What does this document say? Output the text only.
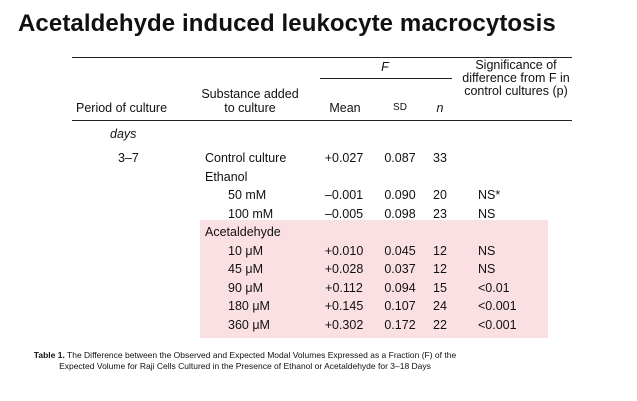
Acetaldehyde induced leukocyte macrocytosis
Period of culture
Substance added to culture
F
Mean	SD	n
Significance of difference from F in control cultures (p)
days
3–7	Control culture	+0.027	0.087	33
Ethanol
50 mM	–0.001	0.090	20	NS*
100 mM	–0.005	0.098	23	NS
Acetaldehyde
10 μM	+0.010	0.045	12	NS
45 μM	+0.028	0.037	12	NS
90 μM	+0.112	0.094	15	<0.01
180 μM	+0.145	0.107	24	<0.001
360 μM	+0.302	0.172	22	<0.001
Table 1. The Difference between the Observed and Expected Modal Volumes Expressed as a Fraction (F) of the Expected Volume for Raji Cells Cultured in the Presence of Ethanol or Acetaldehyde for 3–18 Days
